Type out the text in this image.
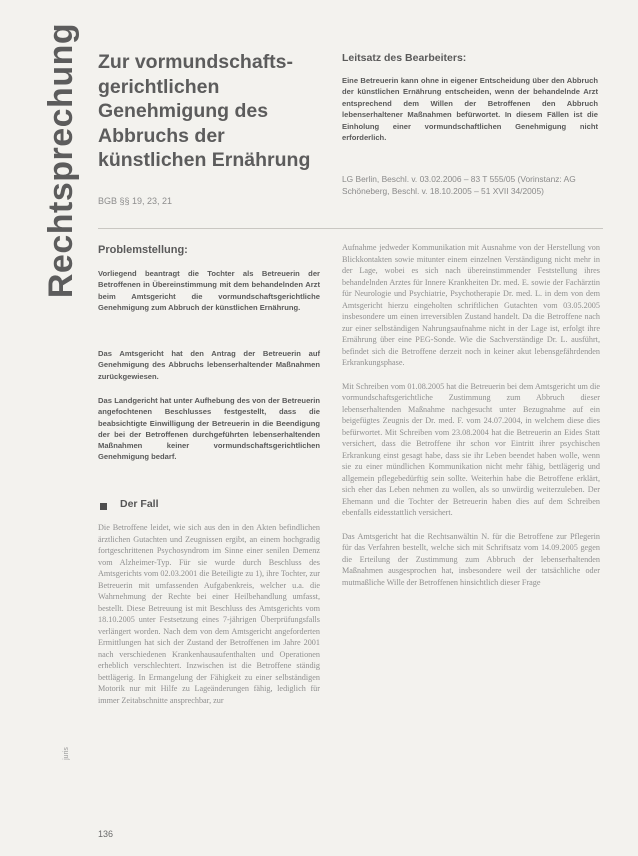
Rechtsprechung Zur vormundschafts-gerichtlichen Genehmigung des Abbruchs der künstlichen Ernährung
BGB §§ 19, 23, 21
Leitsatz des Bearbeiters:
Eine Betreuerin kann ohne in eigener Entscheidung über den Abbruch der künstlichen Ernährung entscheiden, wenn der behandelnde Arzt entsprechend dem Willen der Betroffenen den Abbruch lebenserhaltener Maßnahmen befürwortet. In diesem Fällen ist die Einholung einer vormundschaftlichen Genehmigung nicht erforderlich.
LG Berlin, Beschl. v. 03.02.2006 – 83 T 555/05 (Vorinstanz: AG Schöneberg, Beschl. v. 18.10.2005 – 51 XVII 34/2005)
Problemstellung:
Vorliegend beantragt die Tochter als Betreuerin der Betroffenen in Übereinstimmung mit dem behandelnden Arzt beim Amtsgericht die vormundschaftsgerichtliche Genehmigung zum Abbruch der künstlichen Ernährung.
Das Amtsgericht hat den Antrag der Betreuerin auf Genehmigung des Abbruchs lebenserhaltender Maßnahmen zurückgewiesen.
Das Landgericht hat unter Aufhebung des von der Betreuerin angefochtenen Beschlusses festgestellt, dass die beabsichtigte Einwilligung der Betreuerin in die Beendigung der bei der Betroffenen durchgeführten lebenserhaltenden Maßnahmen keiner vormundschaftsgerichtlichen Genehmigung bedarf.
Der Fall

Die Betroffene leidet, wie sich aus den in den Akten befindlichen ärztlichen Gutachten und Zeugnissen ergibt, an einem hochgradig fortgeschrittenen Psychosyndrom im Sinne einer senilen Demenz vom Alzheimer-Typ. Für sie wurde durch Beschluss des Amtsgerichts vom 02.03.2001 die Beteiligte zu 1), ihre Tochter, zur Betreuerin mit umfassenden Aufgabenkreis, welcher u.a. die Wahrnehmung der Rechte bei einer Heilbehandlung umfasst, bestellt. Diese Betreuung ist mit Beschluss des Amtsgerichts vom 18.10.2005 unter Festsetzung eines 7-jährigen Überprüfungsfalls verlängert worden. Nach dem von dem Amtsgericht angeforderten Ermittlungen hat sich der Zustand der Betroffenen im Jahre 2001 nach verschiedenen Krankenhausaufenthalten und Operationen erheblich verschlechtert. Inzwischen ist die Betroffene ständig bettlägerig. In Ermangelung der Fähigkeit zu einer selbständigen Motorik nur mit Hilfe zu Lageänderungen fähig, lediglich für immer Zeitabschnitte ansprechbar, zur

Aufnahme jedweder Kommunikation mit Ausnahme von der Herstellung von Blickkontakten sowie mitunter einem einzelnen Verständigung nicht mehr in der Lage, wobei es sich nach übereinstimmender Feststellung ihres behandelnden Arztes für Innere Krankheiten Dr. med. E. sowie der Fachärztin für Neurologie und Psychiatrie, Psychotherapie Dr. med. L. in dem von dem Amtsgericht hierzu eingeholten schriftlichen Gutachten vom 03.05.2005 insbesondere um einen irreversiblen Zustand handelt. Da die Betroffene nach zur einer selbständigen Nahrungsaufnahme nicht in der Lage ist, erfolgt ihre Ernährung über eine PEG-Sonde. Wie die Sachverständige Dr. L. ausführt, befindet sich die Betroffene derzeit noch in keiner akut lebensgefährdenden Erkrankungsphase.

Mit Schreiben vom 01.08.2005 hat die Betreuerin bei dem Amtsgericht um die vormundschaftsgerichtliche Zustimmung zum Abbruch dieser lebenserhaltenden Maßnahme nachgesucht unter Bezugnahme auf ein beigefügtes Zeugnis der Dr. med. F. vom 24.07.2004, in welchem diese dies befürwortet. Mit Schreiben vom 23.08.2004 hat die Betreuerin an Eides Statt versichert, dass die Betroffene ihr schon vor Eintritt ihrer psychischen Erkrankung einst gesagt habe, dass sie ihr Leben beendet haben wolle, wenn sie zu einer mündlichen Kommunikation nicht mehr fähig, bettlägerig und allgemein pflegebedürftig sein sollte. Weiterhin habe die Betroffene erklärt, sich eher das Leben nehmen zu wollen, als so unwürdig weiterzuleben. Der Ehemann und die Tochter der Betreuerin haben dies auf dem Schreiben ebenfalls eidesstattlich versichert.

Das Amtsgericht hat die Rechtsanwältin N. für die Betroffene zur Pflegerin für das Verfahren bestellt, welche sich mit Schriftsatz vom 14.09.2005 gegen die Erteilung der Zustimmung zum Abbruch der lebenserhaltenden Maßnahmen ausgesprochen hat, insbesondere weil der tatsächliche oder mutmaßliche Wille der Betroffenen hinsichtlich dieser Frage

juris
136
